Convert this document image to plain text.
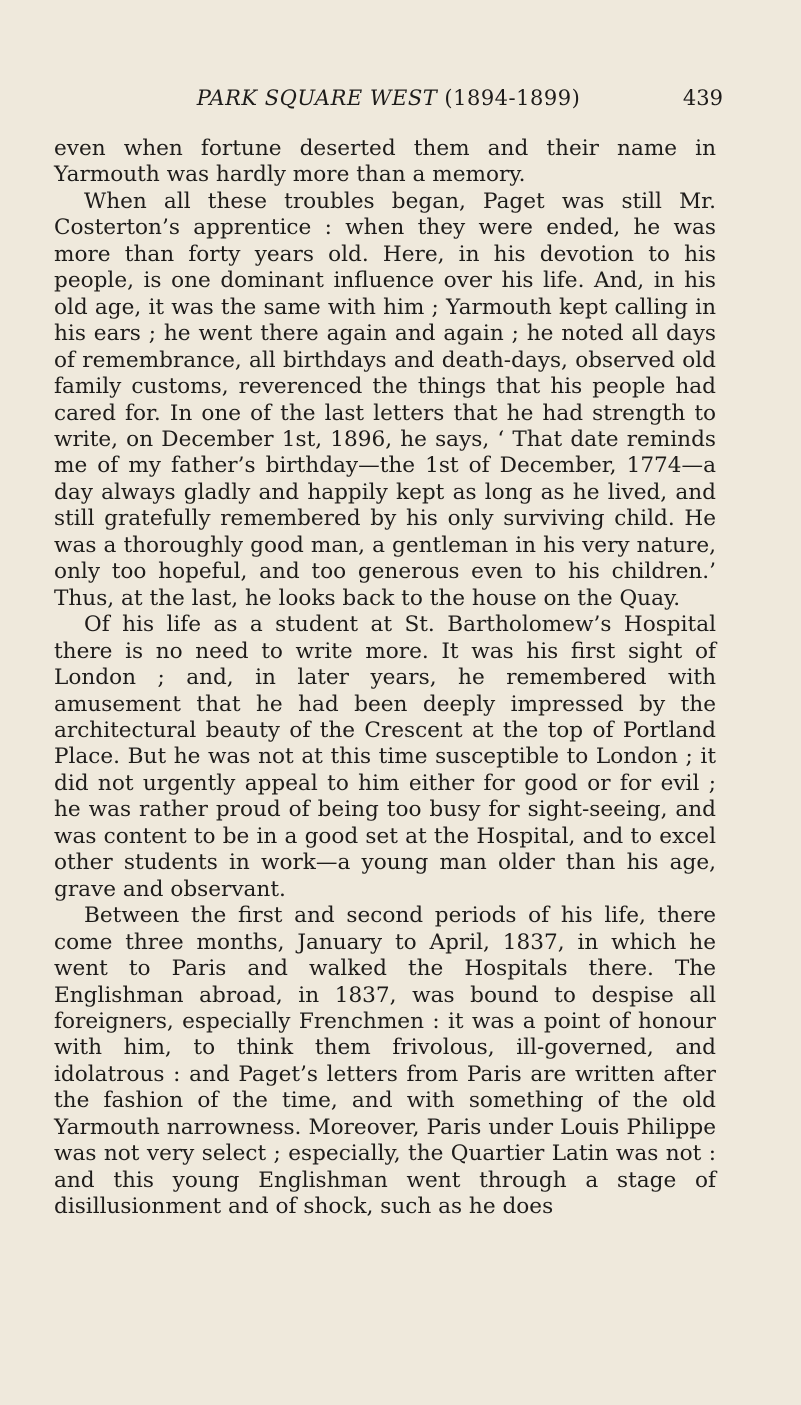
PARK SQUARE WEST (1894-1899)	439

even when fortune deserted them and their name in Yarmouth was hardly more than a memory.

When all these troubles began, Paget was still Mr. Costerton’s apprentice : when they were ended, he was more than forty years old. Here, in his devotion to his people, is one dominant influence over his life. And, in his old age, it was the same with him ; Yarmouth kept calling in his ears ; he went there again and again ; he noted all days of remembrance, all birthdays and death-days, observed old family customs, reverenced the things that his people had cared for. In one of the last letters that he had strength to write, on December 1st, 1896, he says, ‘ That date reminds me of my father’s birthday—the 1st of December, 1774—a day always gladly and happily kept as long as he lived, and still gratefully remembered by his only surviving child. He was a thoroughly good man, a gentleman in his very nature, only too hopeful, and too generous even to his children.’ Thus, at the last, he looks back to the house on the Quay.

Of his life as a student at St. Bartholomew’s Hospital there is no need to write more. It was his first sight of London ; and, in later years, he remembered with amusement that he had been deeply impressed by the architectural beauty of the Crescent at the top of Portland Place. But he was not at this time susceptible to London ; it did not urgently appeal to him either for good or for evil ; he was rather proud of being too busy for sight-seeing, and was content to be in a good set at the Hospital, and to excel other students in work—a young man older than his age, grave and observant.

Between the first and second periods of his life, there come three months, January to April, 1837, in which he went to Paris and walked the Hospitals there. The Englishman abroad, in 1837, was bound to despise all foreigners, especially Frenchmen : it was a point of honour with him, to think them frivolous, ill-governed, and idolatrous : and Paget’s letters from Paris are written after the fashion of the time, and with something of the old Yarmouth narrowness. Moreover, Paris under Louis Philippe was not very select ; especially, the Quartier Latin was not : and this young Englishman went through a stage of disillusionment and of shock, such as he does
